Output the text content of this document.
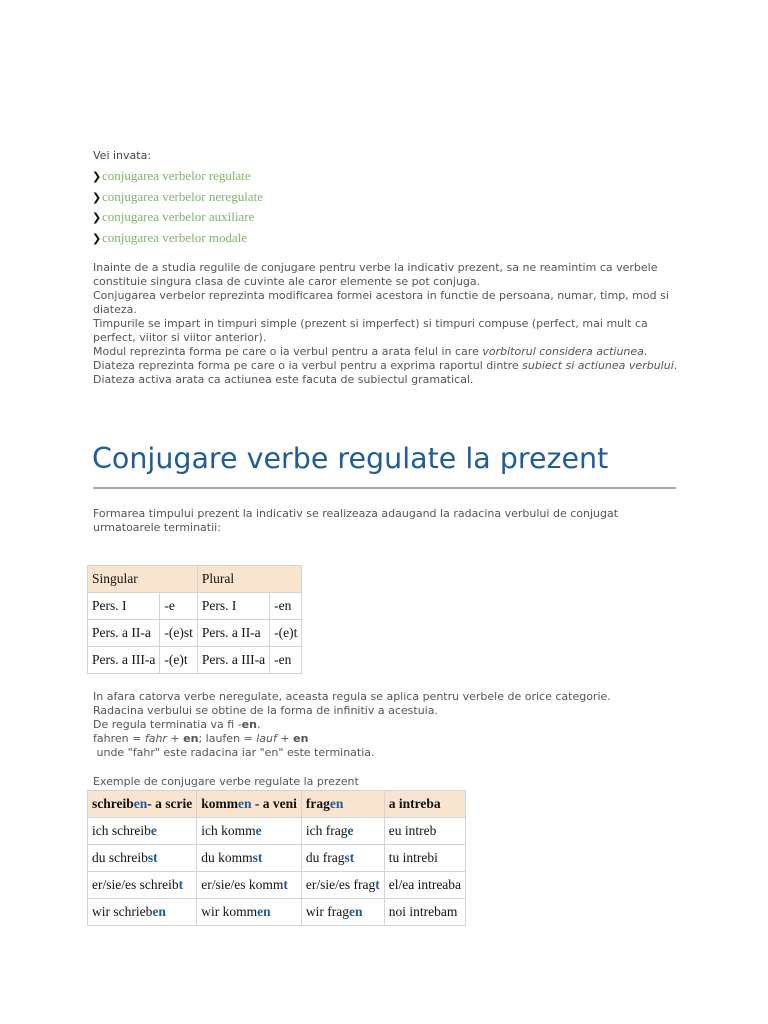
Vei invata:
❯conjugarea verbelor regulate
❯conjugarea verbelor neregulate
❯conjugarea verbelor auxiliare
❯conjugarea verbelor modale

Inainte de a studia regulile de conjugare pentru verbe la indicativ prezent, sa ne reamintim ca verbele constituie singura clasa de cuvinte ale caror elemente se pot conjuga.

Conjugarea verbelor reprezinta modificarea formei acestora in functie de persoana, numar, timp, mod si diateza.

Timpurile se impart in timpuri simple (prezent si imperfect) si timpuri compuse (perfect, mai mult ca perfect, viitor si viitor anterior).

Modul reprezinta forma pe care o ia verbul pentru a arata felul in care vorbitorul considera actiunea.

Diateza reprezinta forma pe care o ia verbul pentru a exprima raportul dintre subiect si actiunea verbului.

Diateza activa arata ca actiunea este facuta de subiectul gramatical.

Conjugare verbe regulate la prezent

Formarea timpului prezent la indicativ se realizeaza adaugand la radacina verbului de conjugat urmatoarele terminatii:

Singular		Plural	
Pers. I	-e	Pers. I	-en
Pers. a II-a	-(e)st	Pers. a II-a	-(e)t
Pers. a III-a	-(e)t	Pers. a III-a	-en

In afara catorva verbe neregulate, aceasta regula se aplica pentru verbele de orice categorie.

Radacina verbului se obtine de la forma de infinitiv a acestuia.

De regula terminatia va fi -en.

fahren = fahr + en; laufen = lauf + en

unde "fahr" este radacina iar "en" este terminatia.

Exemple de conjugare verbe regulate la prezent
schreiben- a scrie	kommen - a veni	fragen	a intreba
ich schreibe	ich komme	ich frage	eu intreb
du schreibst	du kommst	du fragst	tu intrebi
er/sie/es schreibt	er/sie/es kommt	er/sie/es fragt	el/ea intreaba
wir schrieben	wir kommen	wir fragen	noi intrebam
